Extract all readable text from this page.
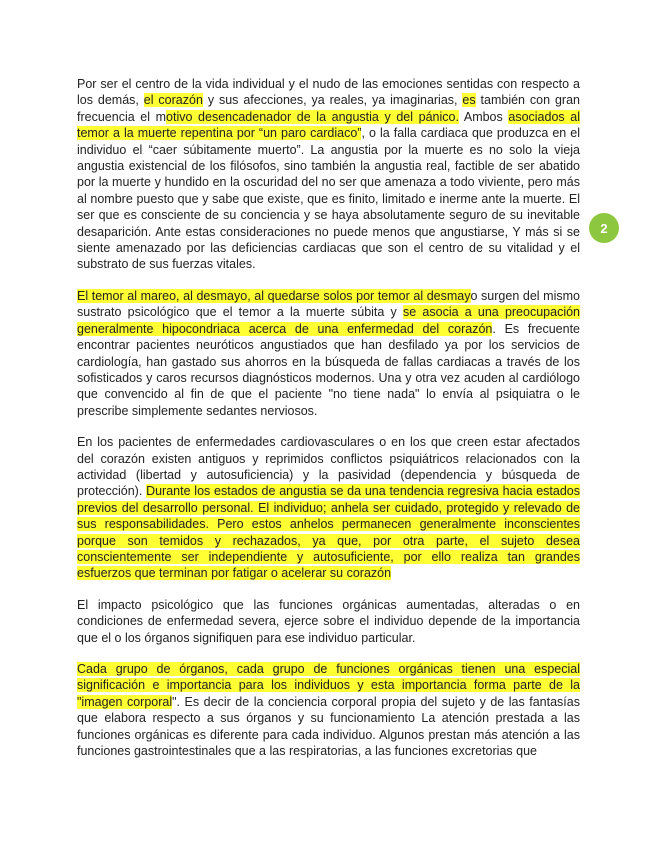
Por ser el centro de la vida individual y el nudo de las emociones sentidas con respecto a los demás, el corazón y sus afecciones, ya reales, ya imaginarias, es también con gran frecuencia el motivo desencadenador de la angustia y del pánico. Ambos asociados al temor a la muerte repentina por “un paro cardiaco”, o la falla cardiaca que produzca en el individuo el “caer súbitamente muerto”. La angustia por la muerte es no solo la vieja angustia existencial de los filósofos, sino también la angustia real, factible de ser abatido por la muerte y hundido en la oscuridad del no ser que amenaza a todo viviente, pero más al nombre puesto que y sabe que existe, que es finito, limitado e inerme ante la muerte. El ser que es consciente de su conciencia y se haya absolutamente seguro de su inevitable desaparición. Ante estas consideraciones no puede menos que angustiarse, Y más si se siente amenazado por las deficiencias cardiacas que son el centro de su vitalidad y el substrato de sus fuerzas vitales.

El temor al mareo, al desmayo, al quedarse solos por temor al desmayo surgen del mismo sustrato psicológico que el temor a la muerte súbita y se asocia a una preocupación generalmente hipocondriaca acerca de una enfermedad del corazón. Es frecuente encontrar pacientes neuróticos angustiados que han desfilado ya por los servicios de cardiología, han gastado sus ahorros en la búsqueda de fallas cardiacas a través de los sofisticados y caros recursos diagnósticos modernos. Una y otra vez acuden al cardiólogo que convencido al fin de que el paciente "no tiene nada" lo envía al psiquiatra o le prescribe simplemente sedantes nerviosos.

En los pacientes de enfermedades cardiovasculares o en los que creen estar afectados del corazón existen antiguos y reprimidos conflictos psiquiátricos relacionados con la actividad (libertad y autosuficiencia) y la pasividad (dependencia y búsqueda de protección). Durante los estados de angustia se da una tendencia regresiva hacia estados previos del desarrollo personal. El individuo; anhela ser cuidado, protegido y relevado de sus responsabilidades. Pero estos anhelos permanecen generalmente inconscientes porque son temidos y rechazados, ya que, por otra parte, el sujeto desea conscientemente ser independiente y autosuficiente, por ello realiza tan grandes esfuerzos que terminan por fatigar o acelerar su corazón

El impacto psicológico que las funciones orgánicas aumentadas, alteradas o en condiciones de enfermedad severa, ejerce sobre el individuo depende de la importancia que el o los órganos signifiquen para ese individuo particular.

Cada grupo de órganos, cada grupo de funciones orgánicas tienen una especial significación e importancia para los individuos y esta importancia forma parte de la "imagen corporal". Es decir de la conciencia corporal propia del sujeto y de las fantasías que elabora respecto a sus órganos y su funcionamiento La atención prestada a las funciones orgánicas es diferente para cada individuo. Algunos prestan más atención a las funciones gastrointestinales que a las respiratorias, a las funciones excretorias que

2
